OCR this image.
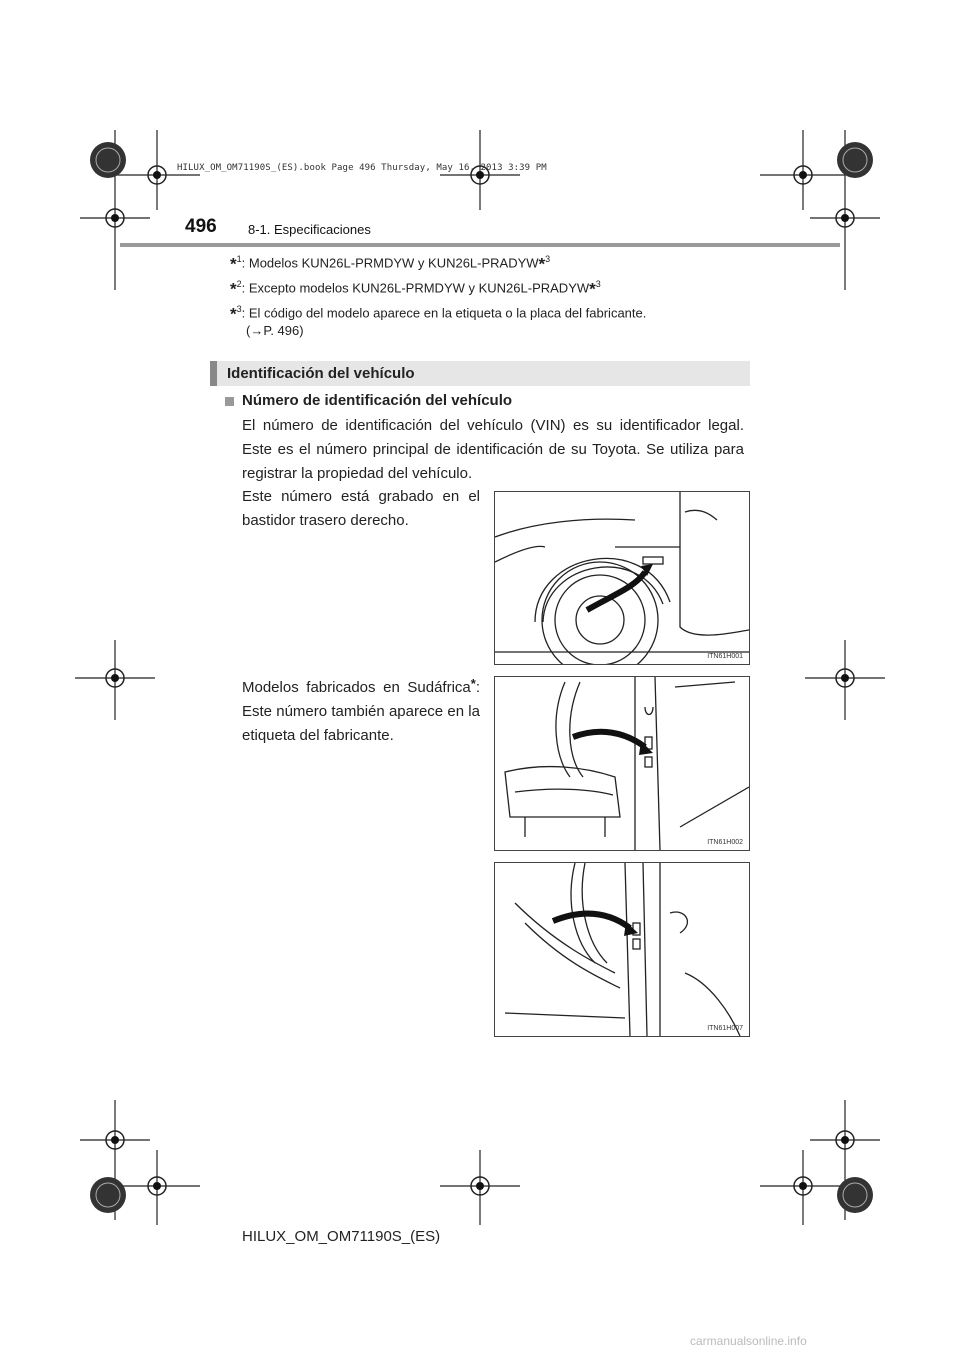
HILUX_OM_OM71190S_(ES).book Page 496 Thursday, May 16, 2013 3:39 PM
496 8-1. Especificaciones
*$^1$: Modelos KUN26L-PRMDYW y KUN26L-PRADYW*$^3$
*$^2$: Excepto modelos KUN26L-PRMDYW y KUN26L-PRADYW*$^3$
*$^3$: El código del modelo aparece en la etiqueta o la placa del fabricante.
(→P. 496)
Identificación del vehículo
Número de identificación del vehículo
El número de identificación del vehículo (VIN) es su identificador legal. Este es el número principal de identificación de su Toyota. Se utiliza para registrar la propiedad del vehículo.
Este número está grabado en el bastidor trasero derecho.
Modelos fabricados en Sudáfrica*: Este número también aparece en la etiqueta del fabricante.
ITN61H001
ITN61H002
ITN61H007
HILUX_OM_OM71190S_(ES)
carmanualsonline.info
